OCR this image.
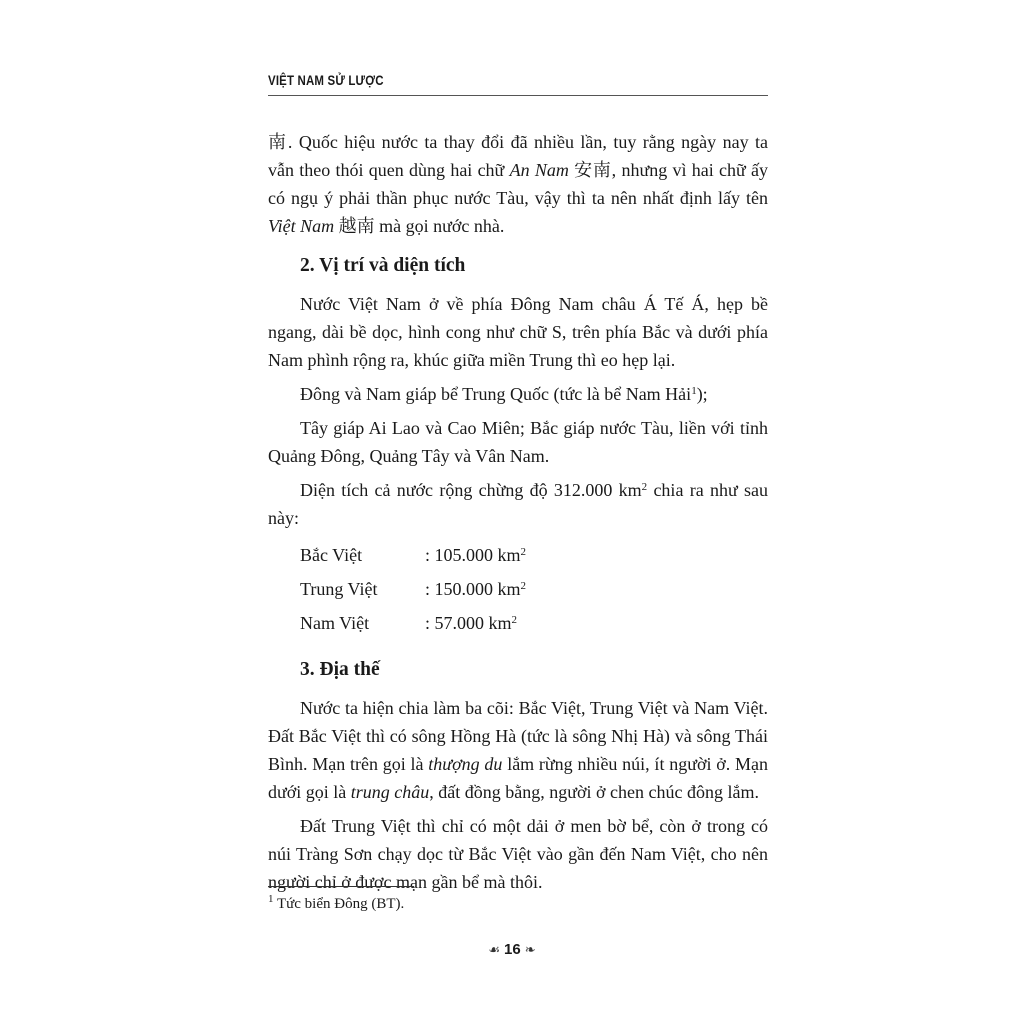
VIỆT NAM SỬ LƯỢC

南. Quốc hiệu nước ta thay đổi đã nhiều lần, tuy rằng ngày nay ta vẫn theo thói quen dùng hai chữ An Nam 安南, nhưng vì hai chữ ấy có ngụ ý phải thần phục nước Tàu, vậy thì ta nên nhất định lấy tên Việt Nam 越南 mà gọi nước nhà.

2. Vị trí và diện tích

Nước Việt Nam ở về phía Đông Nam châu Á Tế Á, hẹp bề ngang, dài bề dọc, hình cong như chữ S, trên phía Bắc và dưới phía Nam phình rộng ra, khúc giữa miền Trung thì eo hẹp lại.

Đông và Nam giáp bể Trung Quốc (tức là bể Nam Hải$^1$);

Tây giáp Ai Lao và Cao Miên; Bắc giáp nước Tàu, liền với tỉnh Quảng Đông, Quảng Tây và Vân Nam.

Diện tích cả nước rộng chừng độ 312.000 $km^2$ chia ra như sau này:

Bắc Việt	: 105.000 $km^2$
Trung Việt	: 150.000 $km^2$
Nam Việt	: 57.000 $km^2$
3. Địa thế

Nước ta hiện chia làm ba cõi: Bắc Việt, Trung Việt và Nam Việt. Đất Bắc Việt thì có sông Hồng Hà (tức là sông Nhị Hà) và sông Thái Bình. Mạn trên gọi là thượng du lắm rừng nhiều núi, ít người ở. Mạn dưới gọi là trung châu, đất đồng bằng, người ở chen chúc đông lắm.

Đất Trung Việt thì chỉ có một dải ở men bờ bể, còn ở trong có núi Tràng Sơn chạy dọc từ Bắc Việt vào gần đến Nam Việt, cho nên người chỉ ở được mạn gần bể mà thôi.

$^1$ Tức biển Đông (BT).
☙ 16 ❧
